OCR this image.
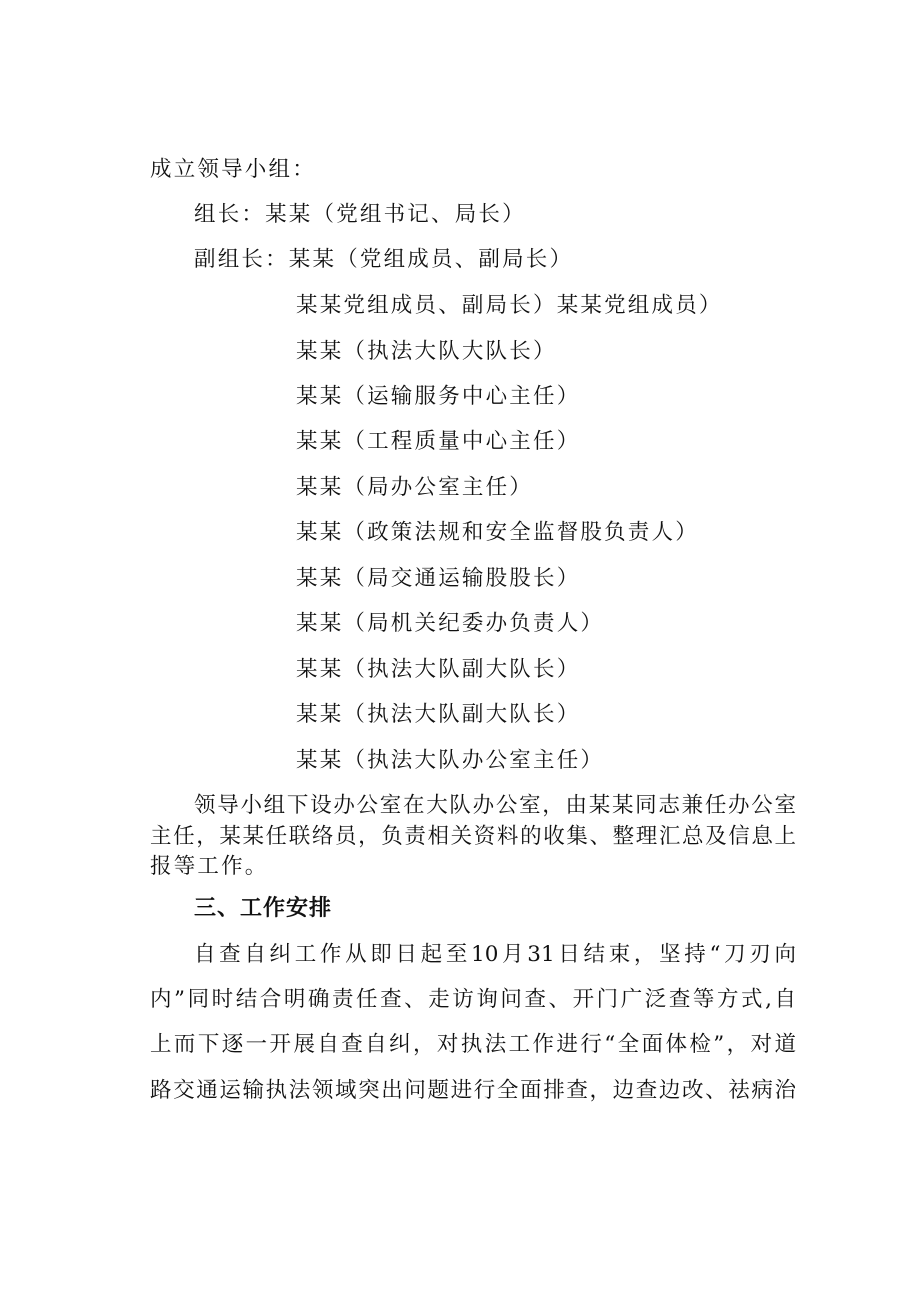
成立领导小组：
组长：某某（党组书记、局长）
副组长：某某（党组成员、副局长）
某某党组成员、副局长）某某党组成员）
某某（执法大队大队长）
某某（运输服务中心主任）
某某（工程质量中心主任）
某某（局办公室主任）
某某（政策法规和安全监督股负责人）
某某（局交通运输股股长）
某某（局机关纪委办负责人）
某某（执法大队副大队长）
某某（执法大队副大队长）
某某（执法大队办公室主任）
领导小组下设办公室在大队办公室，由某某同志兼任办公室
主任，某某任联络员，负责相关资料的收集、整理汇总及信息上
报等工作。
三、工作安排
自查自纠工作从即日起至10月31日结束，坚持“刀刃向
内”同时结合明确责任查、走访询问查、开门广泛查等方式,自
上而下逐一开展自查自纠，对执法工作进行“全面体检”，对道
路交通运输执法领域突出问题进行全面排查，边查边改、祛病治
